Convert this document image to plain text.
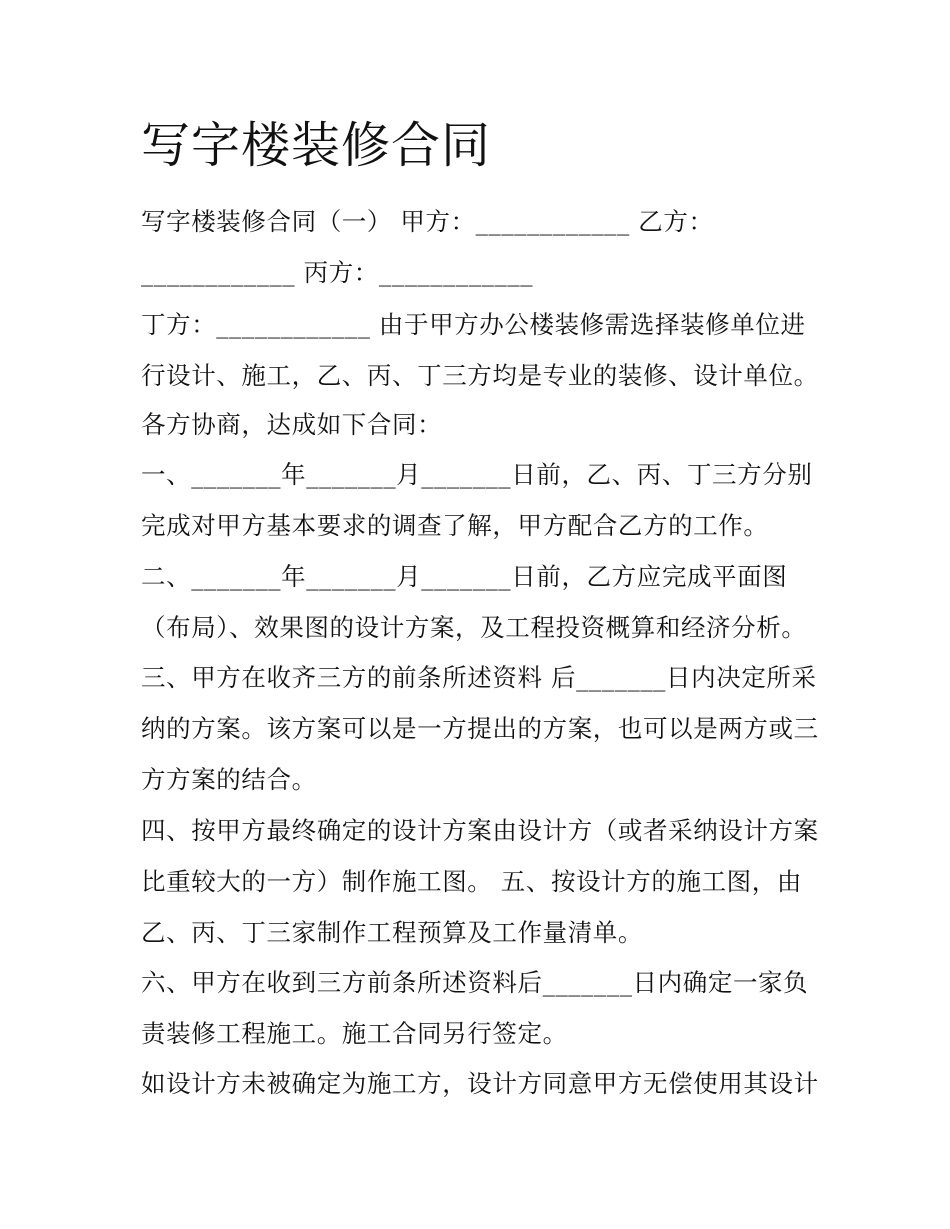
写字楼装修合同

写字楼装修合同（一） 甲方：____________ 乙方：

____________ 丙方：____________

丁方：____________ 由于甲方办公楼装修需选择装修单位进

行设计、施工，乙、丙、丁三方均是专业的装修、设计单位。

各方协商，达成如下合同：

一、_______年_______月_______日前，乙、丙、丁三方分别

完成对甲方基本要求的调查了解，甲方配合乙方的工作。

二、_______年_______月_______日前，乙方应完成平面图

（布局）、效果图的设计方案，及工程投资概算和经济分析。

三、甲方在收齐三方的前条所述资料 后_______日内决定所采

纳的方案。该方案可以是一方提出的方案，也可以是两方或三

方方案的结合。

四、按甲方最终确定的设计方案由设计方（或者采纳设计方案

比重较大的一方）制作施工图。 五、按设计方的施工图，由

乙、丙、丁三家制作工程预算及工作量清单。

六、甲方在收到三方前条所述资料后_______日内确定一家负

责装修工程施工。施工合同另行签定。

如设计方未被确定为施工方，设计方同意甲方无偿使用其设计
